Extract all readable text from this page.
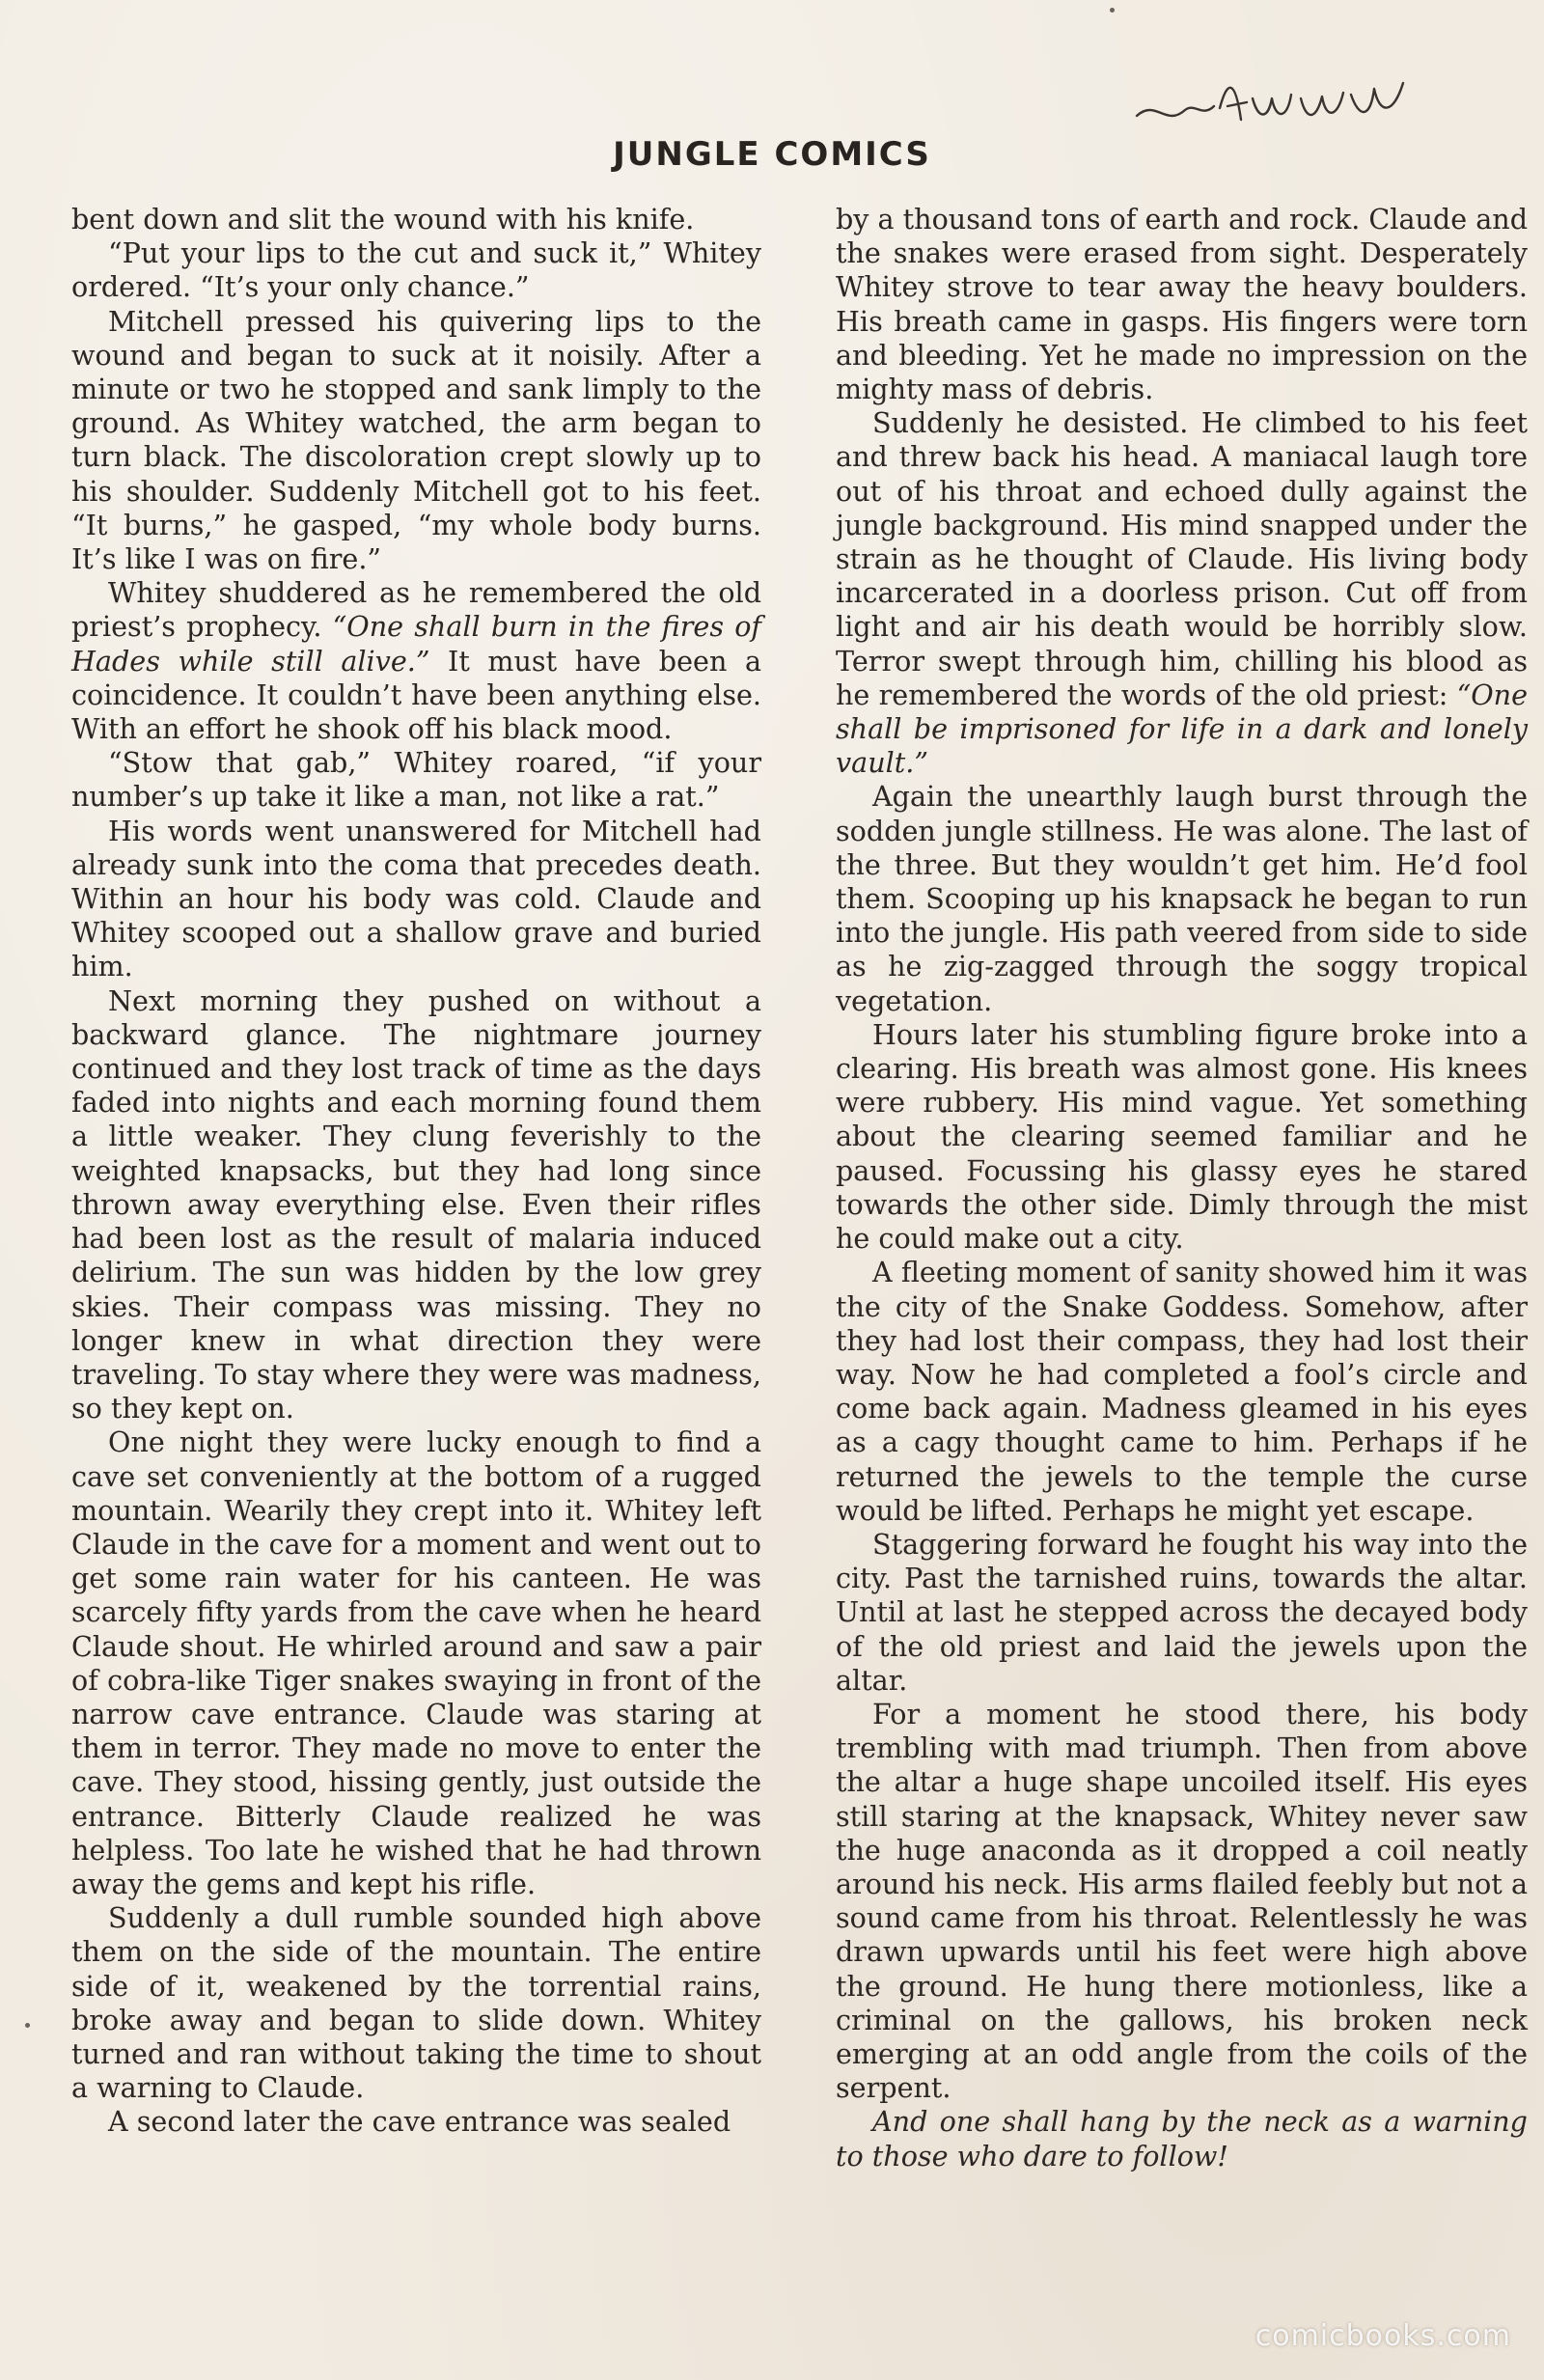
JUNGLE COMICS

bent down and slit the wound with his knife.

“Put your lips to the cut and suck it,” Whitey ordered. “It’s your only chance.”

Mitchell pressed his quivering lips to the wound and began to suck at it noisily. After a minute or two he stopped and sank limply to the ground. As Whitey watched, the arm began to turn black. The discoloration crept slowly up to his shoulder. Suddenly Mitchell got to his feet. “It burns,” he gasped, “my whole body burns. It’s like I was on fire.”

Whitey shuddered as he remembered the old priest’s prophecy. “One shall burn in the fires of Hades while still alive.” It must have been a coincidence. It couldn’t have been anything else. With an effort he shook off his black mood.

“Stow that gab,” Whitey roared, “if your number’s up take it like a man, not like a rat.”

His words went unanswered for Mitchell had already sunk into the coma that precedes death. Within an hour his body was cold. Claude and Whitey scooped out a shallow grave and buried him.

Next morning they pushed on without a backward glance. The nightmare journey continued and they lost track of time as the days faded into nights and each morning found them a little weaker. They clung feverishly to the weighted knapsacks, but they had long since thrown away everything else. Even their rifles had been lost as the result of malaria induced delirium. The sun was hidden by the low grey skies. Their compass was missing. They no longer knew in what direction they were traveling. To stay where they were was madness, so they kept on.

One night they were lucky enough to find a cave set conveniently at the bottom of a rugged mountain. Wearily they crept into it. Whitey left Claude in the cave for a moment and went out to get some rain water for his canteen. He was scarcely fifty yards from the cave when he heard Claude shout. He whirled around and saw a pair of cobra-like Tiger snakes swaying in front of the narrow cave entrance. Claude was staring at them in terror. They made no move to enter the cave. They stood, hissing gently, just outside the entrance. Bitterly Claude realized he was helpless. Too late he wished that he had thrown away the gems and kept his rifle.

Suddenly a dull rumble sounded high above them on the side of the mountain. The entire side of it, weakened by the torrential rains, broke away and began to slide down. Whitey turned and ran without taking the time to shout a warning to Claude.

A second later the cave entrance was sealed

by a thousand tons of earth and rock. Claude and the snakes were erased from sight. Desperately Whitey strove to tear away the heavy boulders. His breath came in gasps. His fingers were torn and bleeding. Yet he made no impression on the mighty mass of debris.

Suddenly he desisted. He climbed to his feet and threw back his head. A maniacal laugh tore out of his throat and echoed dully against the jungle background. His mind snapped under the strain as he thought of Claude. His living body incarcerated in a doorless prison. Cut off from light and air his death would be horribly slow. Terror swept through him, chilling his blood as he remembered the words of the old priest: “One shall be imprisoned for life in a dark and lonely vault.”

Again the unearthly laugh burst through the sodden jungle stillness. He was alone. The last of the three. But they wouldn’t get him. He’d fool them. Scooping up his knapsack he began to run into the jungle. His path veered from side to side as he zig-zagged through the soggy tropical vegetation.

Hours later his stumbling figure broke into a clearing. His breath was almost gone. His knees were rubbery. His mind vague. Yet something about the clearing seemed familiar and he paused. Focussing his glassy eyes he stared towards the other side. Dimly through the mist he could make out a city.

A fleeting moment of sanity showed him it was the city of the Snake Goddess. Somehow, after they had lost their compass, they had lost their way. Now he had completed a fool’s circle and come back again. Madness gleamed in his eyes as a cagy thought came to him. Perhaps if he returned the jewels to the temple the curse would be lifted. Perhaps he might yet escape.

Staggering forward he fought his way into the city. Past the tarnished ruins, towards the altar. Until at last he stepped across the decayed body of the old priest and laid the jewels upon the altar.

For a moment he stood there, his body trembling with mad triumph. Then from above the altar a huge shape uncoiled itself. His eyes still staring at the knapsack, Whitey never saw the huge anaconda as it dropped a coil neatly around his neck. His arms flailed feebly but not a sound came from his throat. Relentlessly he was drawn upwards until his feet were high above the ground. He hung there motionless, like a criminal on the gallows, his broken neck emerging at an odd angle from the coils of the serpent.

And one shall hang by the neck as a warning to those who dare to follow!

comicbooks.com
